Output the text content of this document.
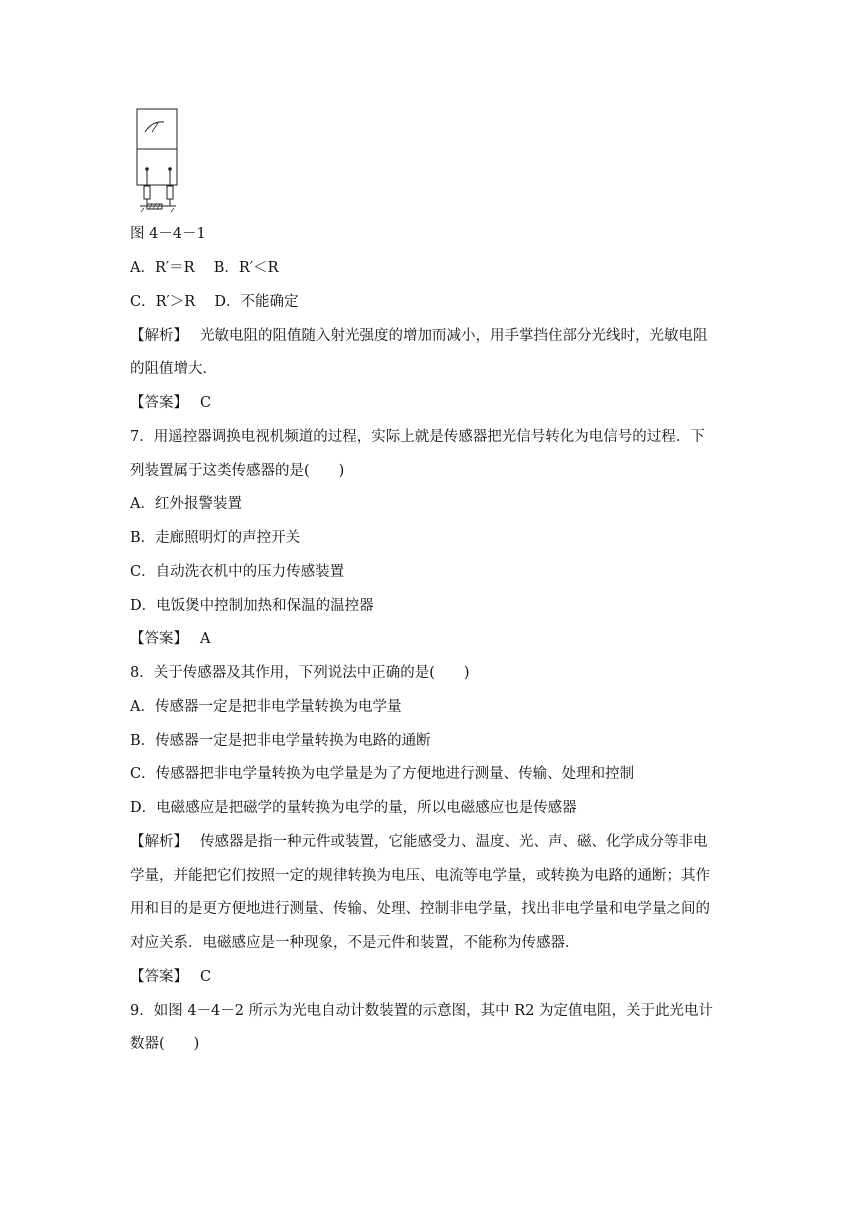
图 4－4－1

A．R′＝R　 B．R′＜R

C．R′＞R　 D．不能确定

【解析】 光敏电阻的阻值随入射光强度的增加而减小，用手掌挡住部分光线时，光敏电阻

的阻值增大．

【答案】 C

7．用遥控器调换电视机频道的过程，实际上就是传感器把光信号转化为电信号的过程．下

列装置属于这类传感器的是(　　)

A．红外报警装置

B．走廊照明灯的声控开关

C．自动洗衣机中的压力传感装置

D．电饭煲中控制加热和保温的温控器

【答案】 A

8．关于传感器及其作用，下列说法中正确的是(　　)

A．传感器一定是把非电学量转换为电学量

B．传感器一定是把非电学量转换为电路的通断

C．传感器把非电学量转换为电学量是为了方便地进行测量、传输、处理和控制

D．电磁感应是把磁学的量转换为电学的量，所以电磁感应也是传感器

【解析】 传感器是指一种元件或装置，它能感受力、温度、光、声、磁、化学成分等非电

学量，并能把它们按照一定的规律转换为电压、电流等电学量，或转换为电路的通断；其作

用和目的是更方便地进行测量、传输、处理、控制非电学量，找出非电学量和电学量之间的

对应关系．电磁感应是一种现象，不是元件和装置，不能称为传感器．

【答案】 C

9．如图 4－4－2 所示为光电自动计数装置的示意图，其中 R2 为定值电阻，关于此光电计

数器(　　)
